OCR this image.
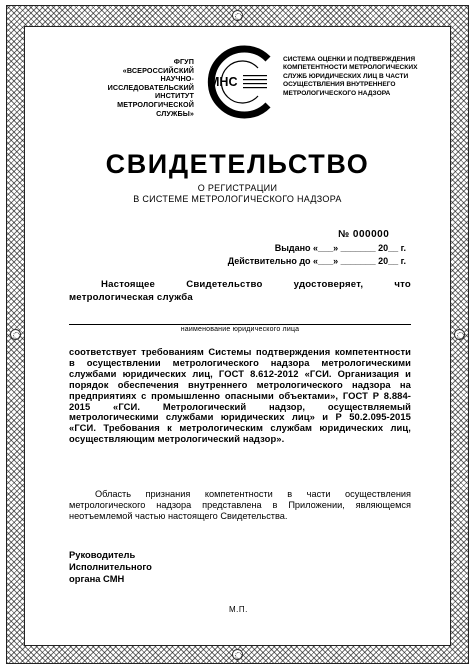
ФГУП
«ВСЕРОССИЙСКИЙ
НАУЧНО-ИССЛЕДОВАТЕЛЬСКИЙ
ИНСТИТУТ МЕТРОЛОГИЧЕСКОЙ
СЛУЖБЫ»
МНС
СИСТЕМА ОЦЕНКИ И ПОДТВЕРЖДЕНИЯ
КОМПЕТЕНТНОСТИ МЕТРОЛОГИЧЕСКИХ
СЛУЖБ ЮРИДИЧЕСКИХ ЛИЦ В ЧАСТИ
ОСУЩЕСТВЛЕНИЯ ВНУТРЕННЕГО
МЕТРОЛОГИЧЕСКОГО НАДЗОРА
СВИДЕТЕЛЬСТВО
О РЕГИСТРАЦИИ
В СИСТЕМЕ МЕТРОЛОГИЧЕСКОГО НАДЗОРА
№ 000000
Выдано «___» _______ 20__ г.
Действительно до «___» _______ 20__ г.
Настоящее Свидетельство удостоверяет, что метрологическая служба
наименование юридического лица
соответствует требованиям Системы подтверждения компетентности в осуществлении метрологического надзора метрологическими службами юридических лиц, ГОСТ 8.612-2012 «ГСИ. Организация и порядок обеспечения внутреннего метрологического надзора на предприятиях с промышленно опасными объектами», ГОСТ Р 8.884-2015 «ГСИ. Метрологический надзор, осуществляемый метрологическими службами юридических лиц» и Р 50.2.095-2015 «ГСИ. Требования к метрологическим службам юридических лиц, осуществляющим метрологический надзор».
Область признания компетентности в части осуществления метрологического надзора представлена в Приложении, являющемся неотъемлемой частью настоящего Свидетельства.
Руководитель
Исполнительного
органа СМН
М.П.
